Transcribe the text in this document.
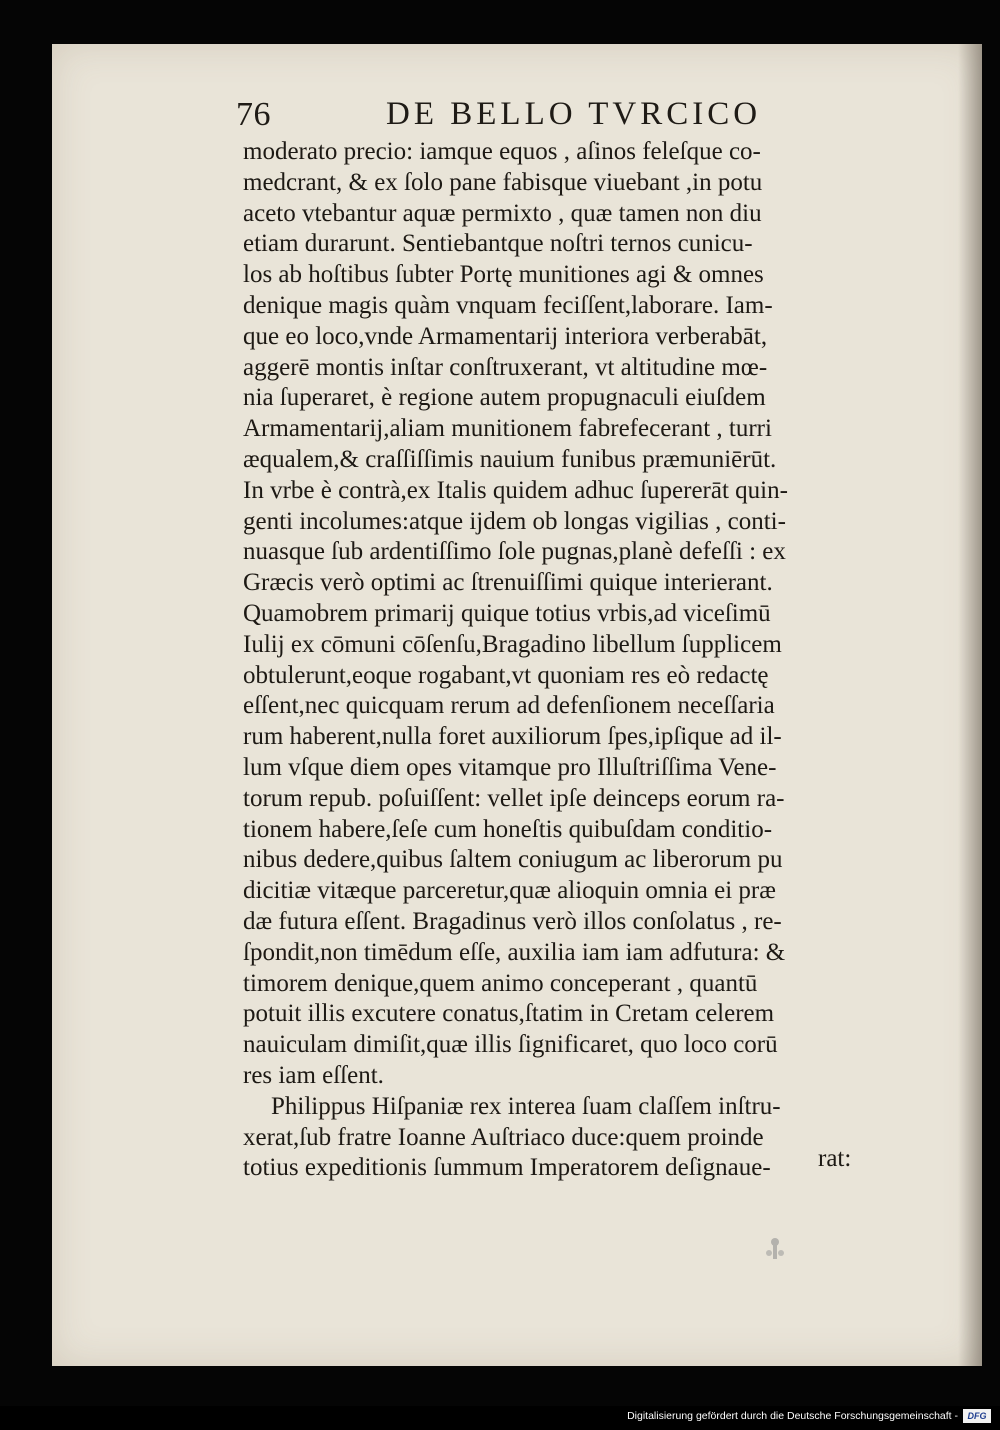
76	DE BELLO TVRCICO
moderato precio: iamque equos , aſinos feleſque co-
medcrant, & ex ſolo pane fabisque viuebant ,in potu
aceto vtebantur aquæ permixto , quæ tamen non diu
etiam durarunt. Sentiebantque noſtri ternos cunicu-
los ab hoſtibus ſubter Portę munitiones agi & omnes
denique magis quàm vnquam feciſſent,laborare. Iam-
que eo loco,vnde Armamentarij interiora verberabāt,
aggerē montis inſtar conſtruxerant, vt altitudine mœ-
nia ſuperaret, è regione autem propugnaculi eiuſdem
Armamentarij,aliam munitionem fabrefecerant , turri
æqualem,& craſſiſſimis nauium funibus præmuniērūt.
In vrbe è contrà,ex Italis quidem adhuc ſupererāt quin-
genti incolumes:atque ijdem ob longas vigilias , conti-
nuasque ſub ardentiſſimo ſole pugnas,planè defeſſi : ex
Græcis verò optimi ac ſtrenuiſſimi quique interierant.
Quamobrem primarij quique totius vrbis,ad viceſimū
Iulij ex cōmuni cōſenſu,Bragadino libellum ſupplicem
obtulerunt,eoque rogabant,vt quoniam res eò redactę
eſſent,nec quicquam rerum ad defenſionem neceſſaria
rum haberent,nulla foret auxiliorum ſpes,ipſique ad il-
lum vſque diem opes vitamque pro Illuſtriſſima Vene-
torum repub. poſuiſſent: vellet ipſe deinceps eorum ra-
tionem habere,ſeſe cum honeſtis quibuſdam conditio-
nibus dedere,quibus ſaltem coniugum ac liberorum pu
dicitiæ vitæque parceretur,quæ alioquin omnia ei præ
dæ futura eſſent. Bragadinus verò illos conſolatus , re-
ſpondit,non timēdum eſſe, auxilia iam iam adfutura: &
timorem denique,quem animo conceperant , quantū
potuit illis excutere conatus,ſtatim in Cretam celerem
nauiculam dimiſit,quæ illis ſignificaret, quo loco corū
res iam eſſent.
Philippus Hiſpaniæ rex interea ſuam claſſem inſtru-
xerat,ſub fratre Ioanne Auſtriaco duce:quem proinde
totius expeditionis ſummum Imperatorem deſignaue-	rat:
Digitalisierung gefördert durch die Deutsche Forschungsgemeinschaft -	DFG
